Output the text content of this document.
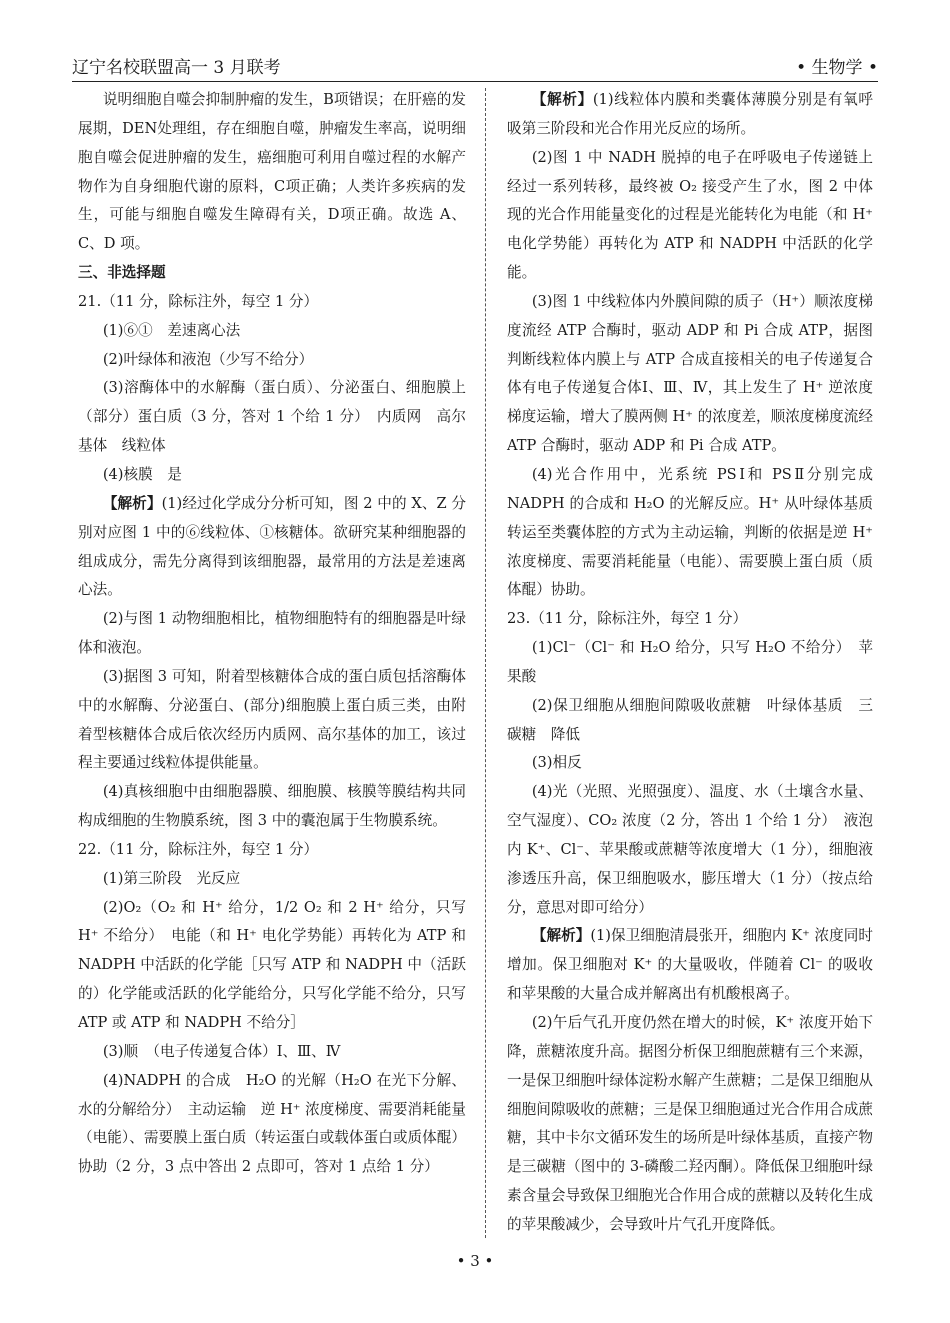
辽宁名校联盟高一 3 月联考	• 生物学 •

说明细胞自噬会抑制肿瘤的发生，B项错误；在肝癌的发展期，DEN处理组，存在细胞自噬，肿瘤发生率高，说明细胞自噬会促进肿瘤的发生，癌细胞可利用自噬过程的水解产物作为自身细胞代谢的原料，C项正确；人类许多疾病的发生，可能与细胞自噬发生障碍有关，D项正确。故选 A、C、D 项。

三、非选择题

21.（11 分，除标注外，每空 1 分）

(1)⑥①　差速离心法

(2)叶绿体和液泡（少写不给分）

(3)溶酶体中的水解酶（蛋白质）、分泌蛋白、细胞膜上（部分）蛋白质（3 分，答对 1 个给 1 分）　内质网　高尔基体　线粒体

(4)核膜　是

【解析】(1)经过化学成分分析可知，图 2 中的 X、Z 分别对应图 1 中的⑥线粒体、①核糖体。欲研究某种细胞器的组成成分，需先分离得到该细胞器，最常用的方法是差速离心法。

(2)与图 1 动物细胞相比，植物细胞特有的细胞器是叶绿体和液泡。

(3)据图 3 可知，附着型核糖体合成的蛋白质包括溶酶体中的水解酶、分泌蛋白、(部分)细胞膜上蛋白质三类，由附着型核糖体合成后依次经历内质网、高尔基体的加工，该过程主要通过线粒体提供能量。

(4)真核细胞中由细胞器膜、细胞膜、核膜等膜结构共同构成细胞的生物膜系统，图 3 中的囊泡属于生物膜系统。

22.（11 分，除标注外，每空 1 分）

(1)第三阶段　光反应

(2)O₂（O₂ 和 H⁺ 给分，1/2 O₂ 和 2 H⁺ 给分，只写 H⁺ 不给分）　电能（和 H⁺ 电化学势能）再转化为 ATP 和 NADPH 中活跃的化学能［只写 ATP 和 NADPH 中（活跃的）化学能或活跃的化学能给分，只写化学能不给分，只写 ATP 或 ATP 和 NADPH 不给分］

(3)顺　（电子传递复合体）Ⅰ、Ⅲ、Ⅳ

(4)NADPH 的合成　H₂O 的光解（H₂O 在光下分解、水的分解给分）　主动运输　逆 H⁺ 浓度梯度、需要消耗能量（电能）、需要膜上蛋白质（转运蛋白或载体蛋白或质体醌）协助（2 分，3 点中答出 2 点即可，答对 1 点给 1 分）

【解析】(1)线粒体内膜和类囊体薄膜分别是有氧呼吸第三阶段和光合作用光反应的场所。

(2)图 1 中 NADH 脱掉的电子在呼吸电子传递链上经过一系列转移，最终被 O₂ 接受产生了水，图 2 中体现的光合作用能量变化的过程是光能转化为电能（和 H⁺ 电化学势能）再转化为 ATP 和 NADPH 中活跃的化学能。

(3)图 1 中线粒体内外膜间隙的质子（H⁺）顺浓度梯度流经 ATP 合酶时，驱动 ADP 和 Pi 合成 ATP，据图判断线粒体内膜上与 ATP 合成直接相关的电子传递复合体有电子传递复合体Ⅰ、Ⅲ、Ⅳ，其上发生了 H⁺ 逆浓度梯度运输，增大了膜两侧 H⁺ 的浓度差，顺浓度梯度流经 ATP 合酶时，驱动 ADP 和 Pi 合成 ATP。

(4)光合作用中，光系统 PSⅠ和 PSⅡ分别完成 NADPH 的合成和 H₂O 的光解反应。H⁺ 从叶绿体基质转运至类囊体腔的方式为主动运输，判断的依据是逆 H⁺ 浓度梯度、需要消耗能量（电能）、需要膜上蛋白质（质体醌）协助。

23.（11 分，除标注外，每空 1 分）

(1)Cl⁻（Cl⁻ 和 H₂O 给分，只写 H₂O 不给分）　苹果酸

(2)保卫细胞从细胞间隙吸收蔗糖　叶绿体基质　三碳糖　降低

(3)相反

(4)光（光照、光照强度）、温度、水（土壤含水量、空气湿度）、CO₂ 浓度（2 分，答出 1 个给 1 分）　液泡内 K⁺、Cl⁻、苹果酸或蔗糖等浓度增大（1 分），细胞液渗透压升高，保卫细胞吸水，膨压增大（1 分）（按点给分，意思对即可给分）

【解析】(1)保卫细胞清晨张开，细胞内 K⁺ 浓度同时增加。保卫细胞对 K⁺ 的大量吸收，伴随着 Cl⁻ 的吸收和苹果酸的大量合成并解离出有机酸根离子。

(2)午后气孔开度仍然在增大的时候，K⁺ 浓度开始下降，蔗糖浓度升高。据图分析保卫细胞蔗糖有三个来源，一是保卫细胞叶绿体淀粉水解产生蔗糖；二是保卫细胞从细胞间隙吸收的蔗糖；三是保卫细胞通过光合作用合成蔗糖，其中卡尔文循环发生的场所是叶绿体基质，直接产物是三碳糖（图中的 3-磷酸二羟丙酮）。降低保卫细胞叶绿素含量会导致保卫细胞光合作用合成的蔗糖以及转化生成的苹果酸减少，会导致叶片气孔开度降低。

• 3 •
